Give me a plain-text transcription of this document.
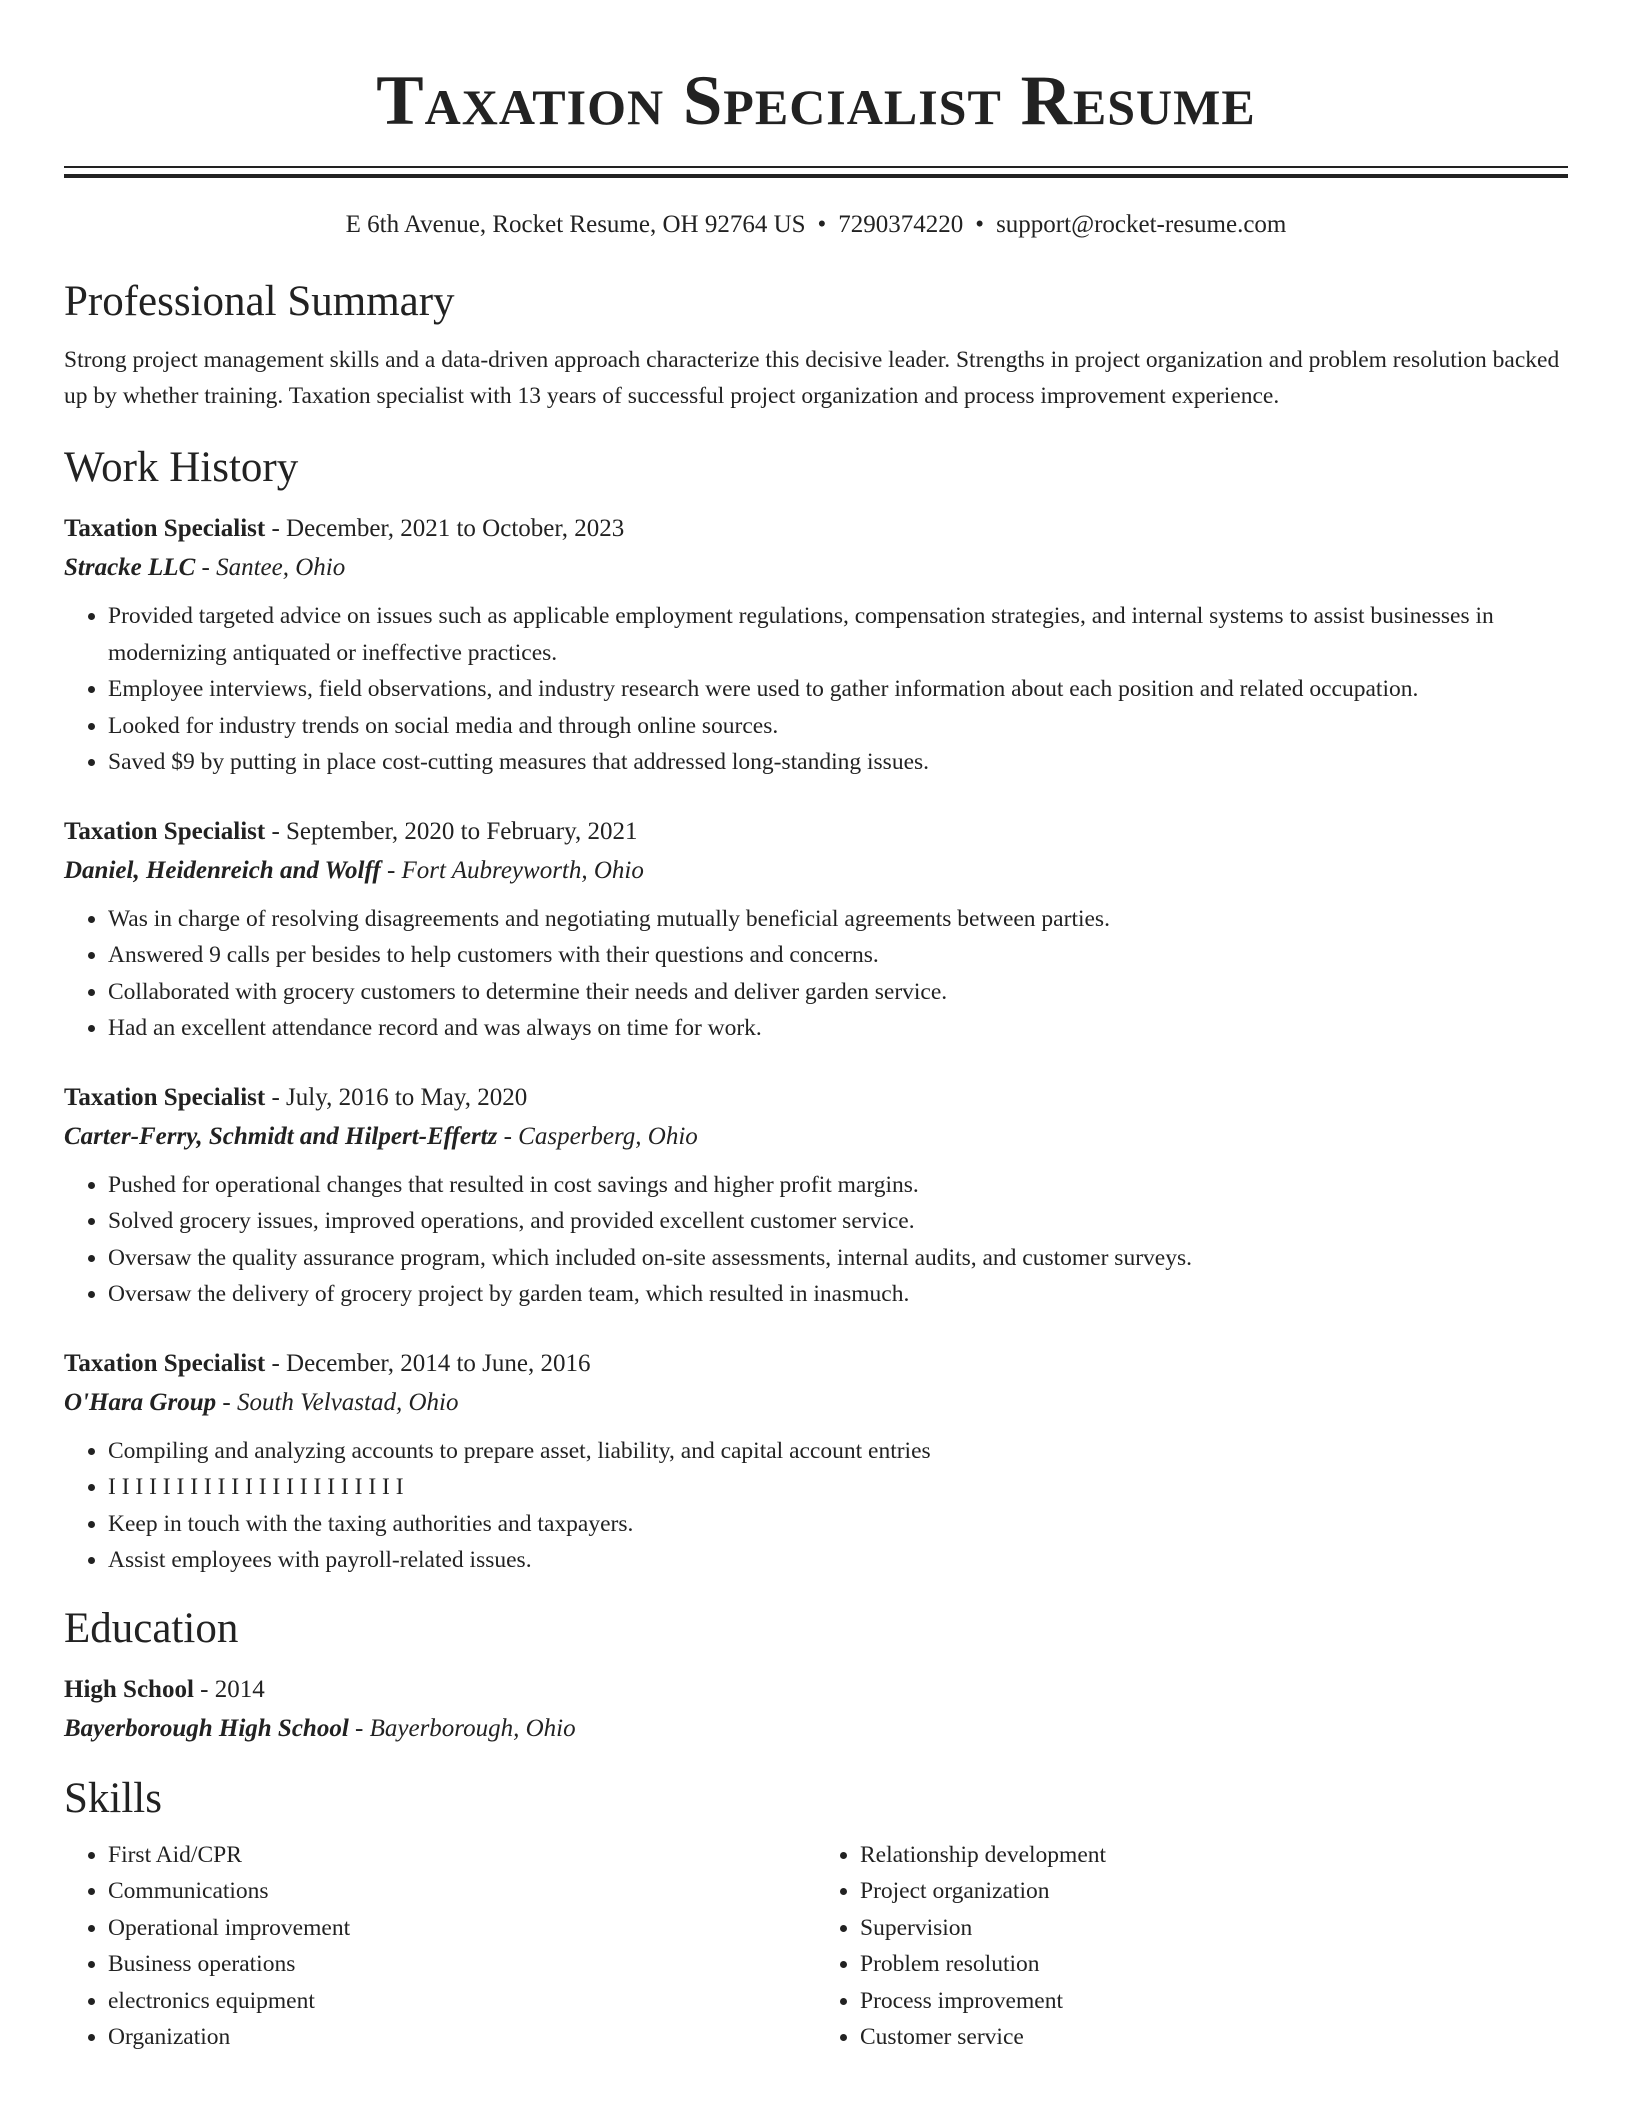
Taxation Specialist Resume
E 6th Avenue, Rocket Resume, OH 92764 US • 7290374220 • support@rocket-resume.com
Professional Summary

Strong project management skills and a data-driven approach characterize this decisive leader. Strengths in project organization and problem resolution backed up by whether training. Taxation specialist with 13 years of successful project organization and process improvement experience.

Work History
Taxation Specialist - December, 2021 to October, 2023
Stracke LLC - Santee, Ohio
• Provided targeted advice on issues such as applicable employment regulations, compensation strategies, and internal systems to assist businesses in modernizing antiquated or ineffective practices.
• Employee interviews, field observations, and industry research were used to gather information about each position and related occupation.
• Looked for industry trends on social media and through online sources.
• Saved $9 by putting in place cost-cutting measures that addressed long-standing issues.
Taxation Specialist - September, 2020 to February, 2021
Daniel, Heidenreich and Wolff - Fort Aubreyworth, Ohio
• Was in charge of resolving disagreements and negotiating mutually beneficial agreements between parties.
• Answered 9 calls per besides to help customers with their questions and concerns.
• Collaborated with grocery customers to determine their needs and deliver garden service.
• Had an excellent attendance record and was always on time for work.
Taxation Specialist - July, 2016 to May, 2020
Carter-Ferry, Schmidt and Hilpert-Effertz - Casperberg, Ohio
• Pushed for operational changes that resulted in cost savings and higher profit margins.
• Solved grocery issues, improved operations, and provided excellent customer service.
• Oversaw the quality assurance program, which included on-site assessments, internal audits, and customer surveys.
• Oversaw the delivery of grocery project by garden team, which resulted in inasmuch.
Taxation Specialist - December, 2014 to June, 2016
O'Hara Group - South Velvastad, Ohio
• Compiling and analyzing accounts to prepare asset, liability, and capital account entries
• I I I I I I I I I I I I I I I I I I I I I I
• Keep in touch with the taxing authorities and taxpayers.
• Assist employees with payroll-related issues.
Education
High School - 2014
Bayerborough High School - Bayerborough, Ohio
Skills
• First Aid/CPR
• Communications
• Operational improvement
• Business operations
• electronics equipment
• Organization
• Relationship development
• Project organization
• Supervision
• Problem resolution
• Process improvement
• Customer service
